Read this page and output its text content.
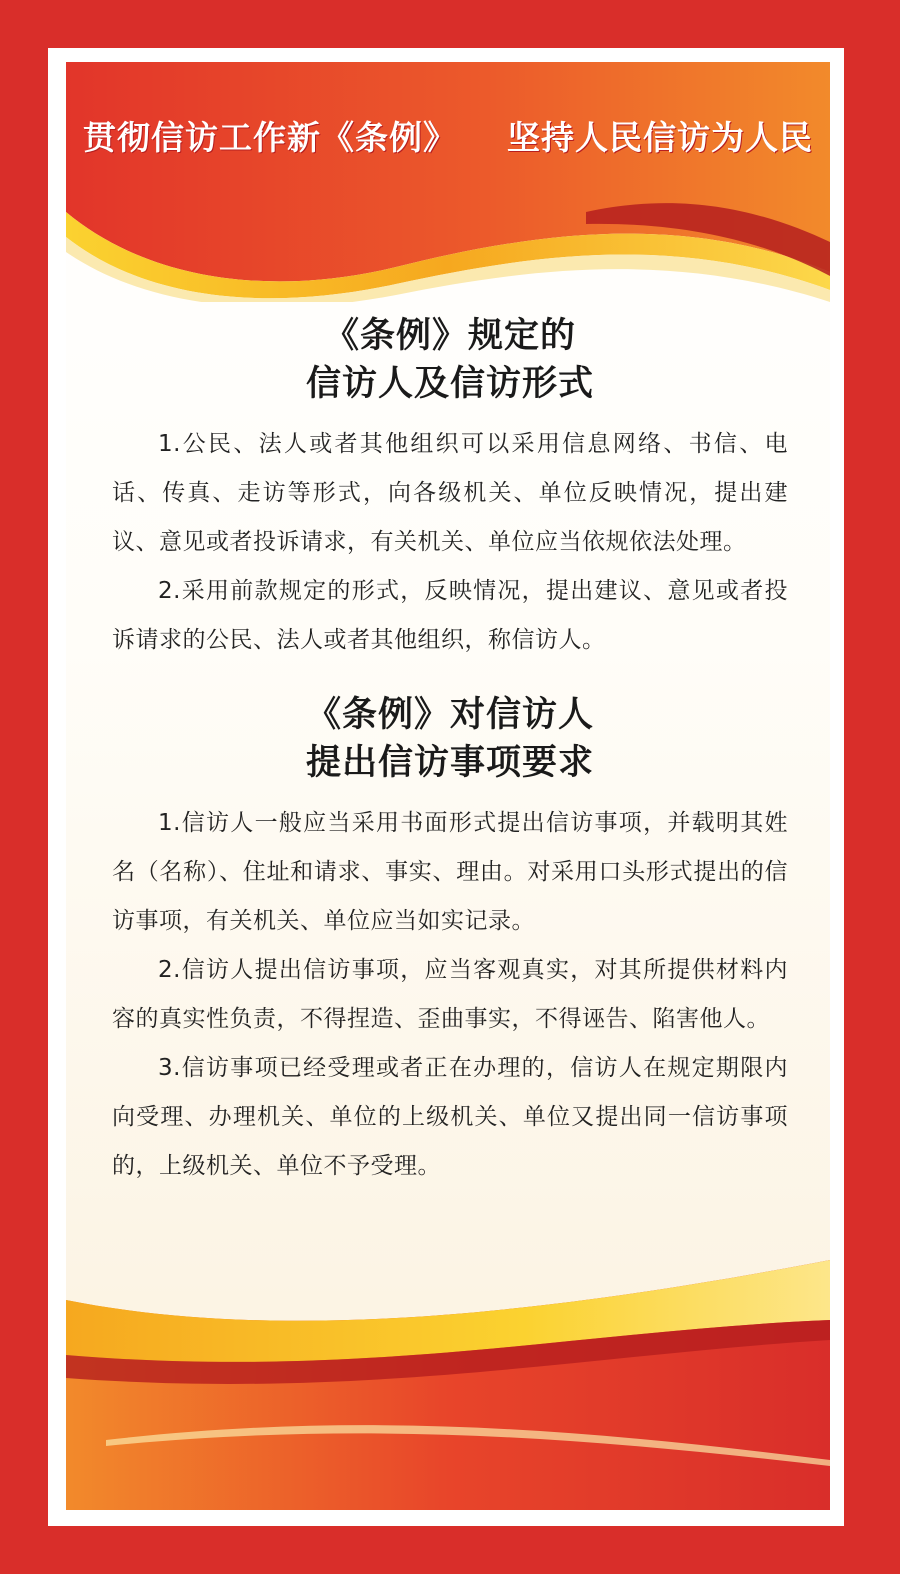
贯彻信访工作新《条例》    坚持人民信访为人民
《条例》规定的
信访人及信访形式

1.公民、法人或者其他组织可以采用信息网络、书信、电话、传真、走访等形式，向各级机关、单位反映情况，提出建议、意见或者投诉请求，有关机关、单位应当依规依法处理。

2.采用前款规定的形式，反映情况，提出建议、意见或者投诉请求的公民、法人或者其他组织，称信访人。

《条例》对信访人
提出信访事项要求

1.信访人一般应当采用书面形式提出信访事项，并载明其姓名（名称）、住址和请求、事实、理由。对采用口头形式提出的信访事项，有关机关、单位应当如实记录。

2.信访人提出信访事项，应当客观真实，对其所提供材料内容的真实性负责，不得捏造、歪曲事实，不得诬告、陷害他人。

3.信访事项已经受理或者正在办理的，信访人在规定期限内向受理、办理机关、单位的上级机关、单位又提出同一信访事项的，上级机关、单位不予受理。
